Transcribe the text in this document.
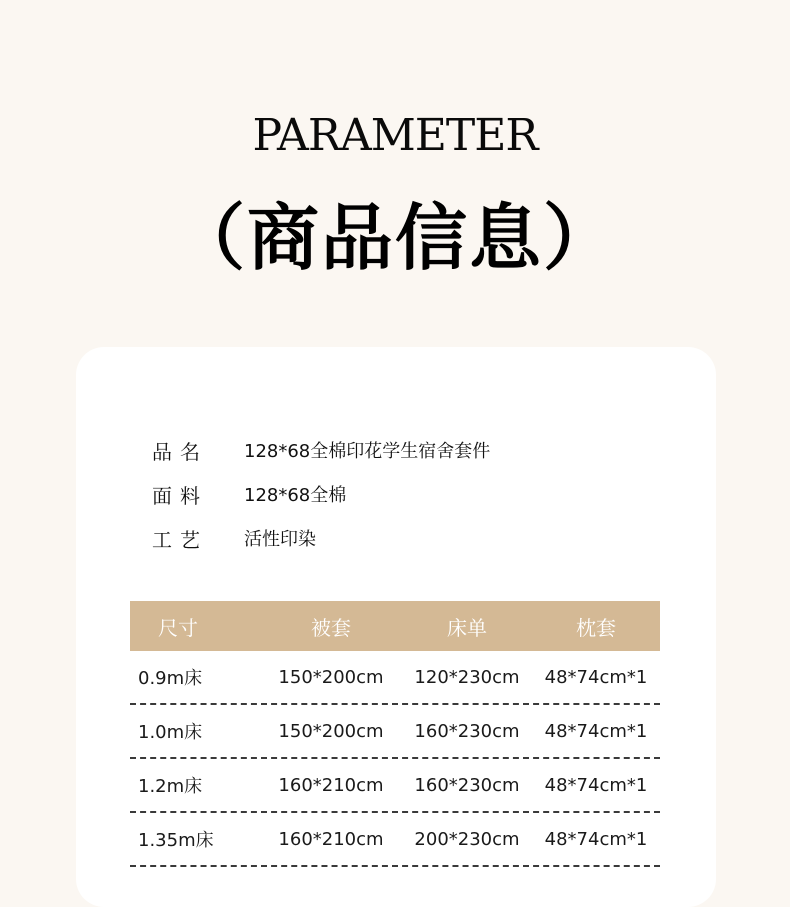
PARAMETER
（商品信息）
品名	128*68全棉印花学生宿舍套件
面料	128*68全棉
工艺	活性印染
尺寸	被套	床单	枕套
0.9m床	150*200cm	120*230cm	48*74cm*1
1.0m床	150*200cm	160*230cm	48*74cm*1
1.2m床	160*210cm	160*230cm	48*74cm*1
1.35m床	160*210cm	200*230cm	48*74cm*1
